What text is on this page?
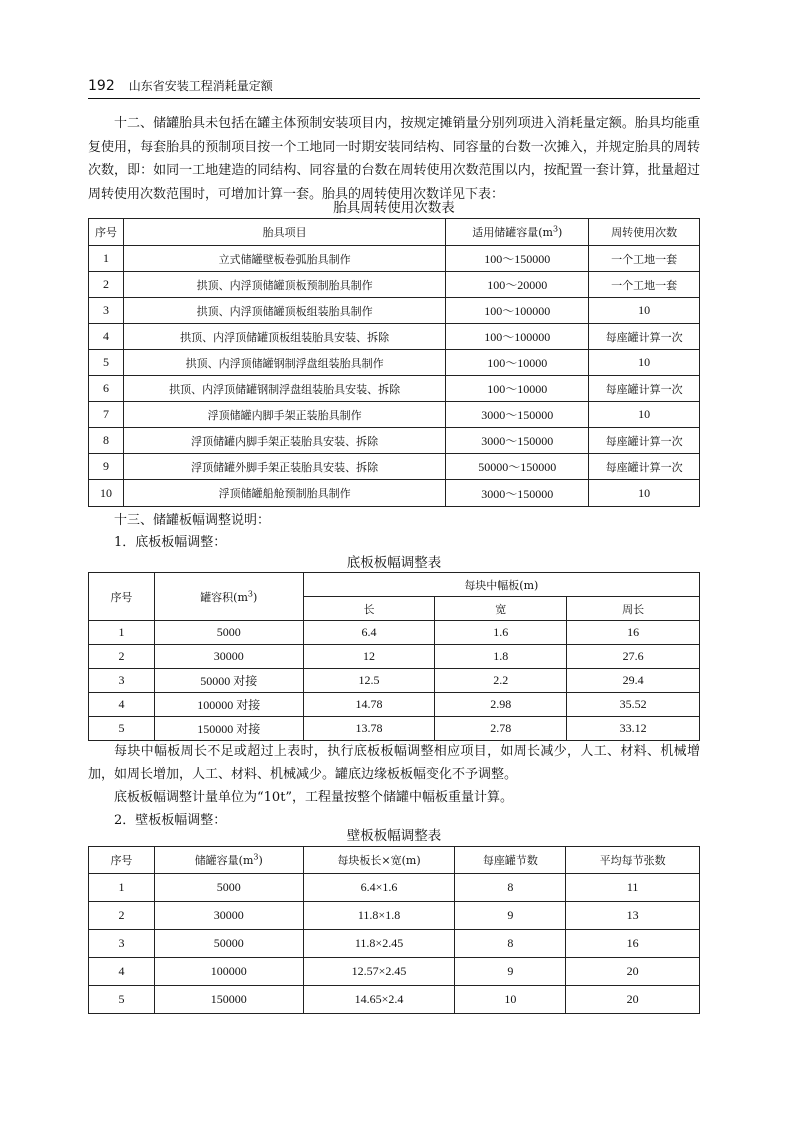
192 山东省安装工程消耗量定额
十二、储罐胎具未包括在罐主体预制安装项目内，按规定摊销量分别列项进入消耗量定额。胎具均能重复使用，每套胎具的预制项目按一个工地同一时期安装同结构、同容量的台数一次摊入，并规定胎具的周转次数，即：如同一工地建造的同结构、同容量的台数在周转使用次数范围以内，按配置一套计算，批量超过周转使用次数范围时，可增加计算一套。胎具的周转使用次数详见下表：
胎具周转使用次数表
序号	胎具项目	适用储罐容量$(m^3)$	周转使用次数
1	立式储罐壁板卷弧胎具制作	100～150000	一个工地一套
2	拱顶、内浮顶储罐顶板预制胎具制作	100～20000	一个工地一套
3	拱顶、内浮顶储罐顶板组装胎具制作	100～100000	10
4	拱顶、内浮顶储罐顶板组装胎具安装、拆除	100～100000	每座罐计算一次
5	拱顶、内浮顶储罐钢制浮盘组装胎具制作	100～10000	10
6	拱顶、内浮顶储罐钢制浮盘组装胎具安装、拆除	100～10000	每座罐计算一次
7	浮顶储罐内脚手架正装胎具制作	3000～150000	10
8	浮顶储罐内脚手架正装胎具安装、拆除	3000～150000	每座罐计算一次
9	浮顶储罐外脚手架正装胎具安装、拆除	50000～150000	每座罐计算一次
10	浮顶储罐船舱预制胎具制作	3000～150000	10
十三、储罐板幅调整说明：
1．底板板幅调整：
底板板幅调整表
序号	罐容积$(m^3)$	每块中幅板(m)		
		长	宽	周长
1	5000	6.4	1.6	16
2	30000	12	1.8	27.6
3	50000 对接	12.5	2.2	29.4
4	100000 对接	14.78	2.98	35.52
5	150000 对接	13.78	2.78	33.12
每块中幅板周长不足或超过上表时，执行底板板幅调整相应项目，如周长减少，人工、材料、机械增加，如周长增加，人工、材料、机械减少。罐底边缘板板幅变化不予调整。
底板板幅调整计量单位为“10t”，工程量按整个储罐中幅板重量计算。
2．壁板板幅调整：
壁板板幅调整表
序号	储罐容量$(m^3)$	每块板长×宽(m)	每座罐节数	平均每节张数
1	5000	6.4×1.6	8	11
2	30000	11.8×1.8	9	13
3	50000	11.8×2.45	8	16
4	100000	12.57×2.45	9	20
5	150000	14.65×2.4	10	20
